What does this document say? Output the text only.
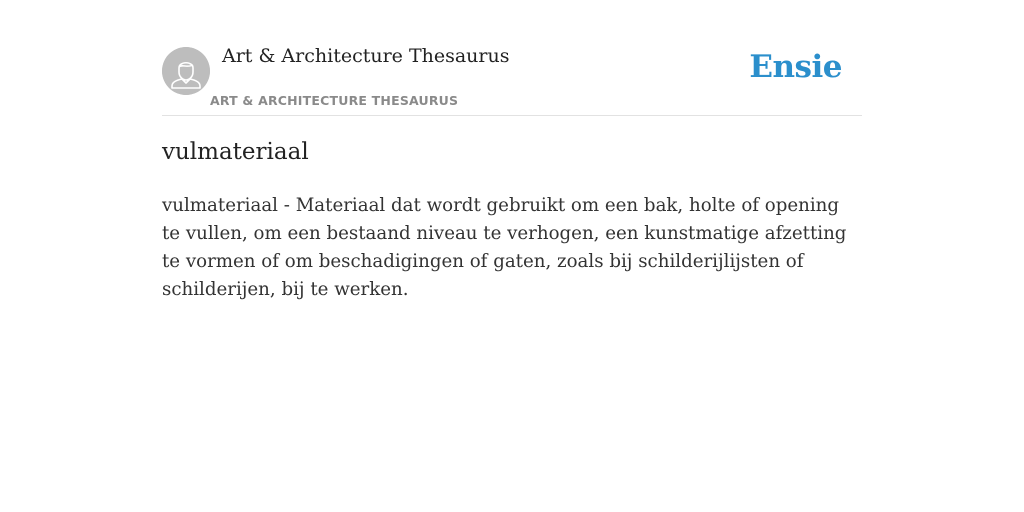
Art & Architecture Thesaurus
ART & ARCHITECTURE THESAURUS
Ensie
vulmateriaal

vulmateriaal - Materiaal dat wordt gebruikt om een bak, holte of opening te vullen, om een bestaand niveau te verhogen, een kunstmatige afzetting te vormen of om beschadigingen of gaten, zoals bij schilderijlijsten of schilderijen, bij te werken.
